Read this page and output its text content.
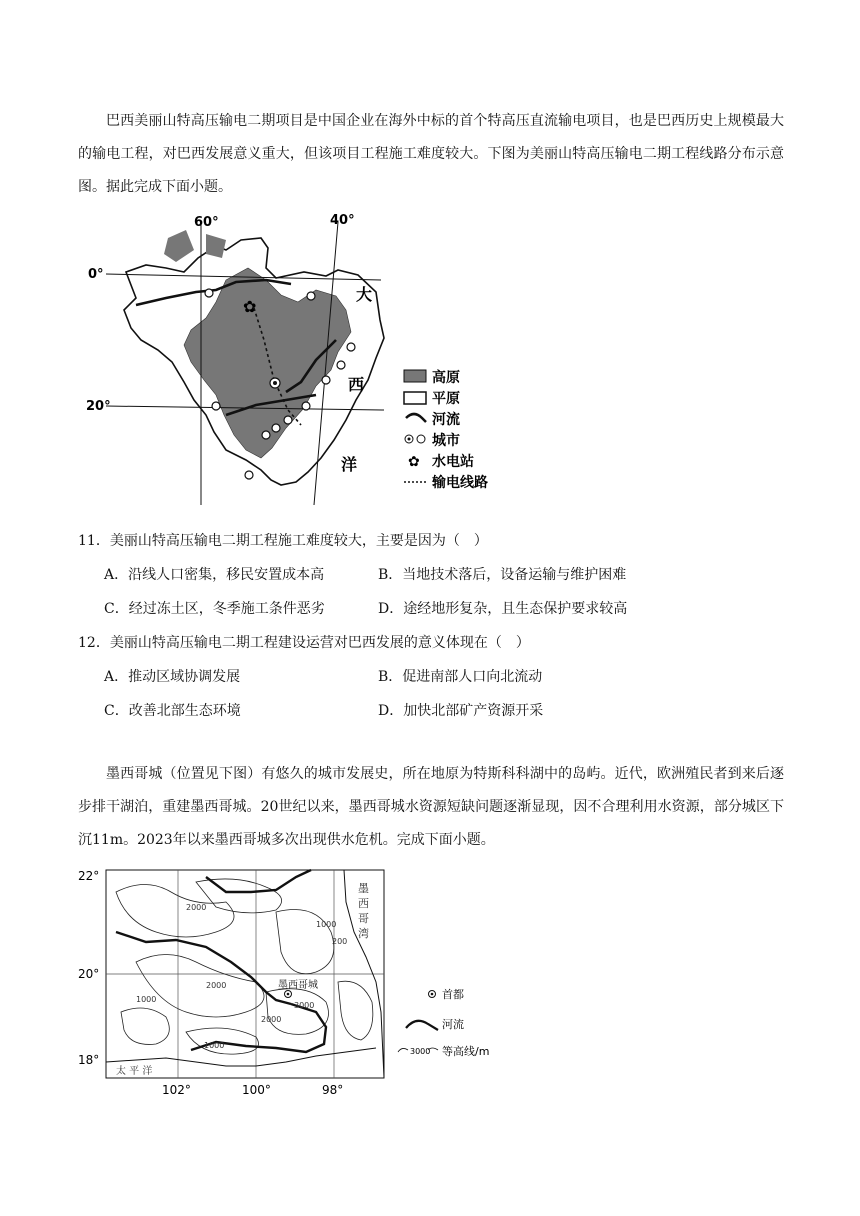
巴西美丽山特高压输电二期项目是中国企业在海外中标的首个特高压直流输电项目，也是巴西历史上规模最大的输电工程，对巴西发展意义重大，但该项目工程施工难度较大。下图为美丽山特高压输电二期工程线路分布示意图。据此完成下面小题。

60°	40°
0°
20°
✿
大
西
洋
高原
平原
河流
城市
✿ 水电站
输电线路
11．美丽山特高压输电二期工程施工难度较大，主要是因为（　）
A．沿线人口密集，移民安置成本高	B．当地技术落后，设备运输与维护困难
C．经过冻土区，冬季施工条件恶劣	D．途经地形复杂，且生态保护要求较高
12．美丽山特高压输电二期工程建设运营对巴西发展的意义体现在（　）
A．推动区域协调发展	B．促进南部人口向北流动
C．改善北部生态环境	D．加快北部矿产资源开采

墨西哥城（位置见下图）有悠久的城市发展史，所在地原为特斯科科湖中的岛屿。近代，欧洲殖民者到来后逐步排干湖泊，重建墨西哥城。20世纪以来，墨西哥城水资源短缺问题逐渐显现，因不合理利用水资源，部分城区下沉11m。2023年以来墨西哥城多次出现供水危机。完成下面小题。

墨
西
哥
湾
太 平 洋
2000
2000
2000
1000
1000
1000
3000
200
墨西哥城
22°
20°
18°
102°	100°	98°
首都
河流
3000 等高线/m
